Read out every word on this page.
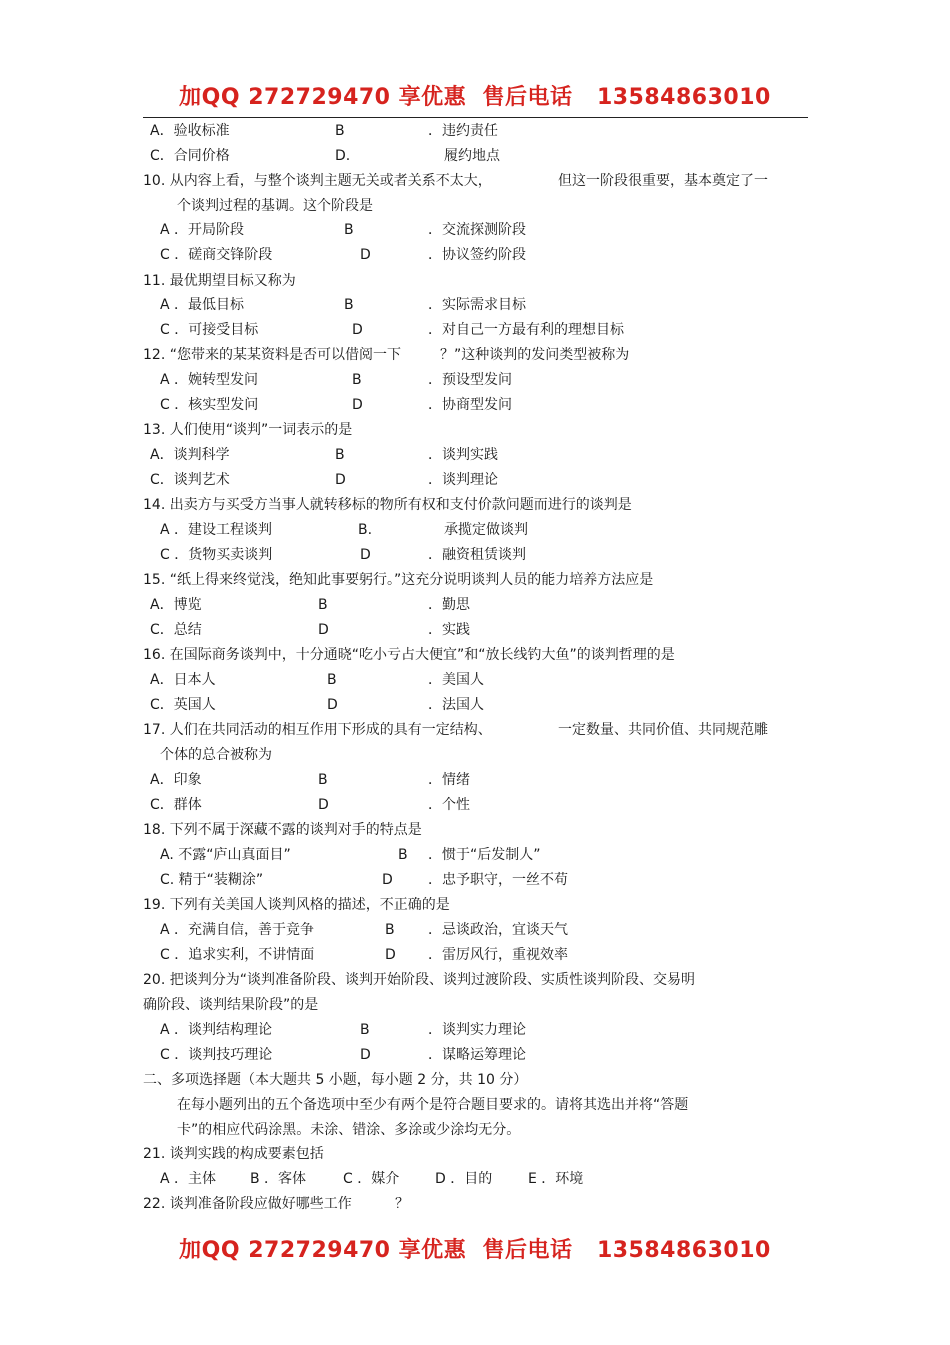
加QQ 272729470 享优惠  售后电话   13584863010
A．验收标准	B	．违约责任
C．合同价格	D.	履约地点
10. 从内容上看，与整个谈判主题无关或者关系不太大，	但这一阶段很重要，基本奠定了一
个谈判过程的基调。这个阶段是
A ．开局阶段	B	．交流探测阶段
C ．磋商交锋阶段	D	．协议签约阶段
11. 最优期望目标又称为
A ．最低目标	B	．实际需求目标
C ．可接受目标	D	．对自己一方最有利的理想目标
12. “您带来的某某资料是否可以借阅一下	？”这种谈判的发问类型被称为
A ．婉转型发问	B	．预设型发问
C ．核实型发问	D	．协商型发问
13. 人们使用“谈判”一词表示的是
A．谈判科学	B	．谈判实践
C．谈判艺术	D	．谈判理论
14. 出卖方与买受方当事人就转移标的物所有权和支付价款问题而进行的谈判是
A ．建设工程谈判	B.	承揽定做谈判
C ．货物买卖谈判	D	．融资租赁谈判
15. “纸上得来终觉浅，绝知此事要躬行。”这充分说明谈判人员的能力培养方法应是
A．博览	B	．勤思
C．总结	D	．实践
16. 在国际商务谈判中，十分通晓“吃小亏占大便宜”和“放长线钓大鱼”的谈判哲理的是
A．日本人	B	．美国人
C．英国人	D	．法国人
17. 人们在共同活动的相互作用下形成的具有一定结构、	一定数量、共同价值、共同规范雕
个体的总合被称为
A．印象	B	．情绪
C．群体	D	．个性
18. 下列不属于深藏不露的谈判对手的特点是
A. 不露“庐山真面目”	B ．惯于“后发制人”
C. 精于“装糊涂”	D	．忠予职守，一丝不苟
19. 下列有关美国人谈判风格的描述，不正确的是
A ．充满自信，善于竞争	B ．忌谈政治，宜谈天气
C ．追求实利，不讲情面	D ．雷厉风行，重视效率
20. 把谈判分为“谈判准备阶段、谈判开始阶段、谈判过渡阶段、实质性谈判阶段、交易明
确阶段、谈判结果阶段”的是
A ．谈判结构理论	B	．谈判实力理论
C ．谈判技巧理论	D	．谋略运筹理论
二、多项选择题（本大题共 5 小题，每小题 2 分，共 10 分）
在每小题列出的五个备选项中至少有两个是符合题目要求的。请将其选出并将“答题
卡”的相应代码涂黑。未涂、错涂、多涂或少涂均无分。
21. 谈判实践的构成要素包括
A ．主体 B ．客体	C ．媒介	D ．目的	E ．环境
22. 谈判准备阶段应做好哪些工作	？
加QQ 272729470 享优惠  售后电话   13584863010
